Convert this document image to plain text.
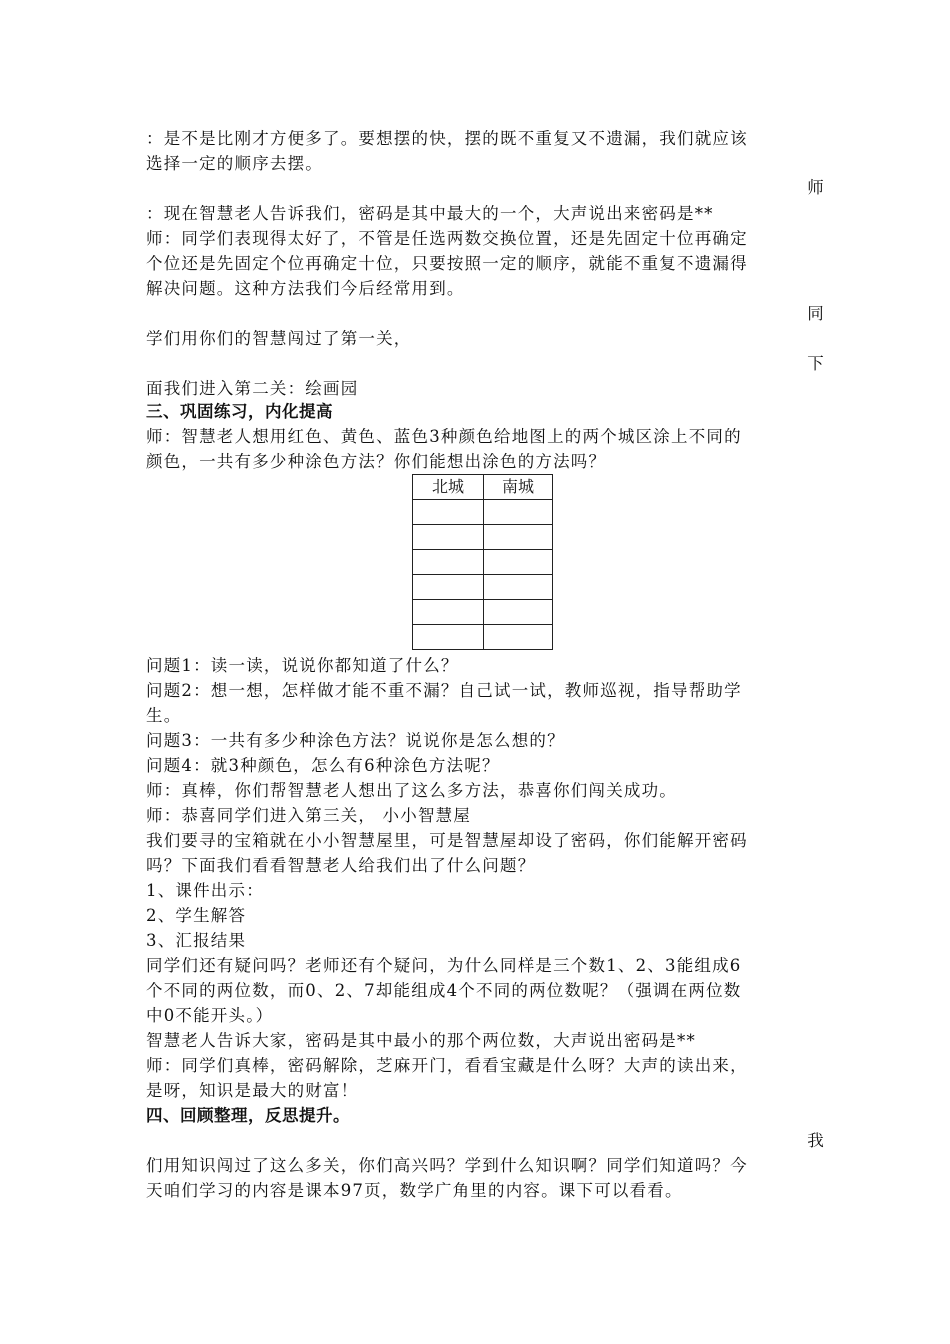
：是不是比刚才方便多了。要想摆的快，摆的既不重复又不遗漏，我们就应该
选择一定的顺序去摆。
师
：现在智慧老人告诉我们，密码是其中最大的一个，大声说出来密码是**
师：同学们表现得太好了，不管是任选两数交换位置，还是先固定十位再确定
个位还是先固定个位再确定十位，只要按照一定的顺序，就能不重复不遗漏得
解决问题。这种方法我们今后经常用到。
同
学们用你们的智慧闯过了第一关，
下
面我们进入第二关：绘画园
三、巩固练习，内化提高
师：智慧老人想用红色、黄色、蓝色3种颜色给地图上的两个城区涂上不同的
颜色，一共有多少种涂色方法？你们能想出涂色的方法吗？
北城	南城

问题1：读一读，说说你都知道了什么？
问题2：想一想，怎样做才能不重不漏？自己试一试，教师巡视，指导帮助学
生。
问题3：一共有多少种涂色方法？说说你是怎么想的？
问题4：就3种颜色，怎么有6种涂色方法呢？
师：真棒，你们帮智慧老人想出了这么多方法，恭喜你们闯关成功。
师：恭喜同学们进入第三关， 小小智慧屋
我们要寻的宝箱就在小小智慧屋里，可是智慧屋却设了密码，你们能解开密码
吗？下面我们看看智慧老人给我们出了什么问题？
1、课件出示：
2、学生解答
3、汇报结果
同学们还有疑问吗？老师还有个疑问，为什么同样是三个数1、2、3能组成6
个不同的两位数，而0、2、7却能组成4个不同的两位数呢？（强调在两位数
中0不能开头。）
智慧老人告诉大家，密码是其中最小的那个两位数，大声说出密码是**
师：同学们真棒，密码解除，芝麻开门，看看宝藏是什么呀？大声的读出来，
是呀，知识是最大的财富！
四、回顾整理，反思提升。
我
们用知识闯过了这么多关，你们高兴吗？学到什么知识啊？同学们知道吗？今
天咱们学习的内容是课本97页，数学广角里的内容。课下可以看看。
